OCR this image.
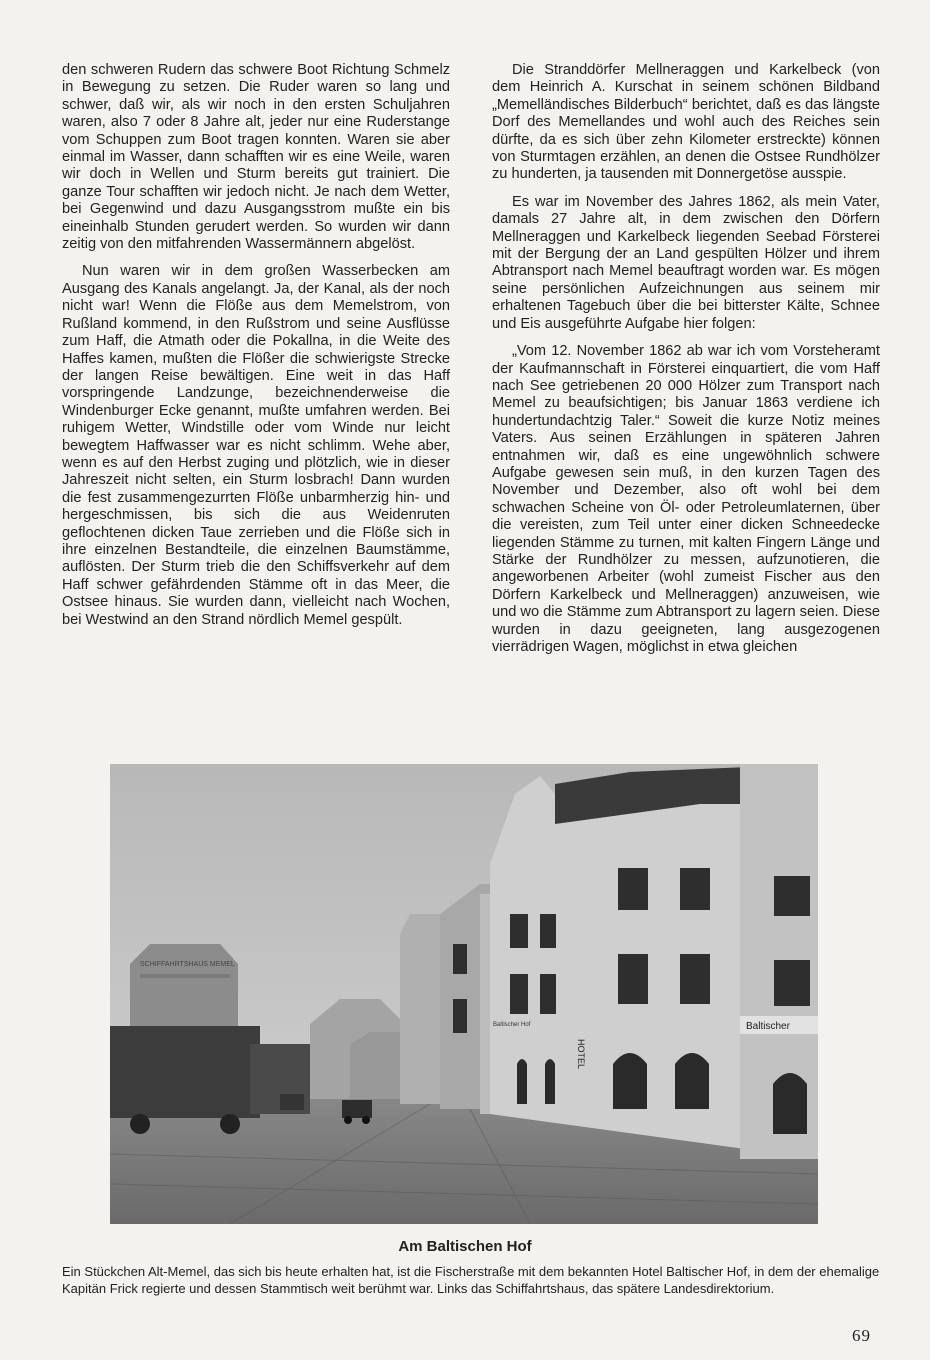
den schweren Rudern das schwere Boot Richtung Schmelz in Bewegung zu setzen. Die Ruder waren so lang und schwer, daß wir, als wir noch in den ersten Schuljahren waren, also 7 oder 8 Jahre alt, jeder nur eine Ruderstange vom Schuppen zum Boot tragen konnten. Waren sie aber einmal im Wasser, dann schafften wir es eine Weile, waren wir doch in Wellen und Sturm bereits gut trainiert. Die ganze Tour schafften wir jedoch nicht. Je nach dem Wetter, bei Gegenwind und dazu Ausgangsstrom mußte ein bis eineinhalb Stunden gerudert werden. So wurden wir dann zeitig von den mitfahrenden Wassermännern abgelöst.

Nun waren wir in dem großen Wasserbecken am Ausgang des Kanals angelangt. Ja, der Kanal, als der noch nicht war! Wenn die Flöße aus dem Memelstrom, von Rußland kommend, in den Rußstrom und seine Ausflüsse zum Haff, die Atmath oder die Pokallna, in die Weite des Haffes kamen, mußten die Flößer die schwierigste Strecke der langen Reise bewältigen. Eine weit in das Haff vorspringende Landzunge, bezeichnenderweise die Windenburger Ecke genannt, mußte umfahren werden. Bei ruhigem Wetter, Windstille oder vom Winde nur leicht bewegtem Haffwasser war es nicht schlimm. Wehe aber, wenn es auf den Herbst zuging und plötzlich, wie in dieser Jahreszeit nicht selten, ein Sturm losbrach! Dann wurden die fest zusammengezurrten Flöße unbarmherzig hin- und hergeschmissen, bis sich die aus Weidenruten geflochtenen dicken Taue zerrieben und die Flöße sich in ihre einzelnen Bestandteile, die einzelnen Baumstämme, auflösten. Der Sturm trieb die den Schiffsverkehr auf dem Haff schwer gefährdenden Stämme oft in das Meer, die Ostsee hinaus. Sie wurden dann, vielleicht nach Wochen, bei Westwind an den Strand nördlich Memel gespült.

Die Stranddörfer Mellneraggen und Karkelbeck (von dem Heinrich A. Kurschat in seinem schönen Bildband „Memelländisches Bilderbuch“ berichtet, daß es das längste Dorf des Memellandes und wohl auch des Reiches sein dürfte, da es sich über zehn Kilometer erstreckte) können von Sturmtagen erzählen, an denen die Ostsee Rundhölzer zu hunderten, ja tausenden mit Donnergetöse ausspie.

Es war im November des Jahres 1862, als mein Vater, damals 27 Jahre alt, in dem zwischen den Dörfern Mellneraggen und Karkelbeck liegenden Seebad Försterei mit der Bergung der an Land gespülten Hölzer und ihrem Abtransport nach Memel beauftragt worden war. Es mögen seine persönlichen Aufzeichnungen aus seinem mir erhaltenen Tagebuch über die bei bitterster Kälte, Schnee und Eis ausgeführte Aufgabe hier folgen:

„Vom 12. November 1862 ab war ich vom Vorsteheramt der Kaufmannschaft in Försterei einquartiert, die vom Haff nach See getriebenen 20 000 Hölzer zum Transport nach Memel zu beaufsichtigen; bis Januar 1863 verdiene ich hundertundachtzig Taler.“ Soweit die kurze Notiz meines Vaters. Aus seinen Erzählungen in späteren Jahren entnahmen wir, daß es eine ungewöhnlich schwere Aufgabe gewesen sein muß, in den kurzen Tagen des November und Dezember, also oft wohl bei dem schwachen Scheine von Öl- oder Petroleumlaternen, über die vereisten, zum Teil unter einer dicken Schneedecke liegenden Stämme zu turnen, mit kalten Fingern Länge und Stärke der Rundhölzer zu messen, aufzunotieren, die angeworbenen Arbeiter (wohl zumeist Fischer aus den Dörfern Karkelbeck und Mellneraggen) anzuweisen, wie und wo die Stämme zum Abtransport zu lagern seien. Diese wurden in dazu geeigneten, lang ausgezogenen vierrädrigen Wagen, möglichst in etwa gleichen

SCHIFFAHRTSHAUS MEMEL
Baltischer
HOTEL
Baltischer Hof
Am Baltischen Hof
Ein Stückchen Alt-Memel, das sich bis heute erhalten hat, ist die Fischerstraße mit dem bekannten Hotel Baltischer Hof, in dem der ehemalige Kapitän Frick regierte und dessen Stammtisch weit berühmt war. Links das Schiffahrtshaus, das spätere Landesdirektorium.
69
